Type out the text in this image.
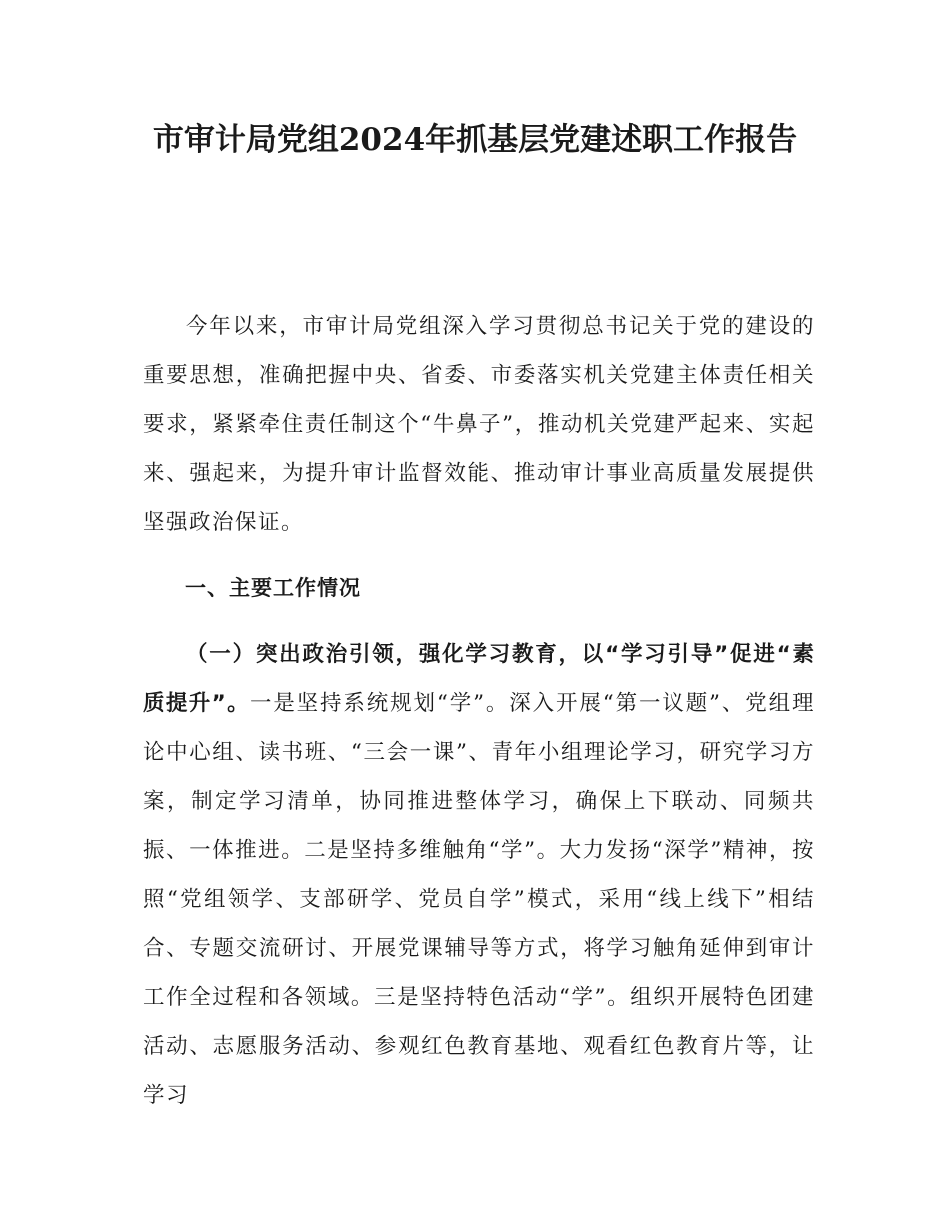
市审计局党组2024年抓基层党建述职工作报告

今年以来，市审计局党组深入学习贯彻总书记关于党的建设的重要思想，准确把握中央、省委、市委落实机关党建主体责任相关要求，紧紧牵住责任制这个“牛鼻子”，推动机关党建严起来、实起来、强起来，为提升审计监督效能、推动审计事业高质量发展提供坚强政治保证。

一、主要工作情况

（一）突出政治引领，强化学习教育，以“学习引导”促进“素质提升”。一是坚持系统规划“学”。深入开展“第一议题”、党组理论中心组、读书班、“三会一课”、青年小组理论学习，研究学习方案，制定学习清单，协同推进整体学习，确保上下联动、同频共振、一体推进。二是坚持多维触角“学”。大力发扬“深学”精神，按照“党组领学、支部研学、党员自学”模式，采用“线上线下”相结合、专题交流研讨、开展党课辅导等方式，将学习触角延伸到审计工作全过程和各领域。三是坚持特色活动“学”。组织开展特色团建活动、志愿服务活动、参观红色教育基地、观看红色教育片等，让学习
